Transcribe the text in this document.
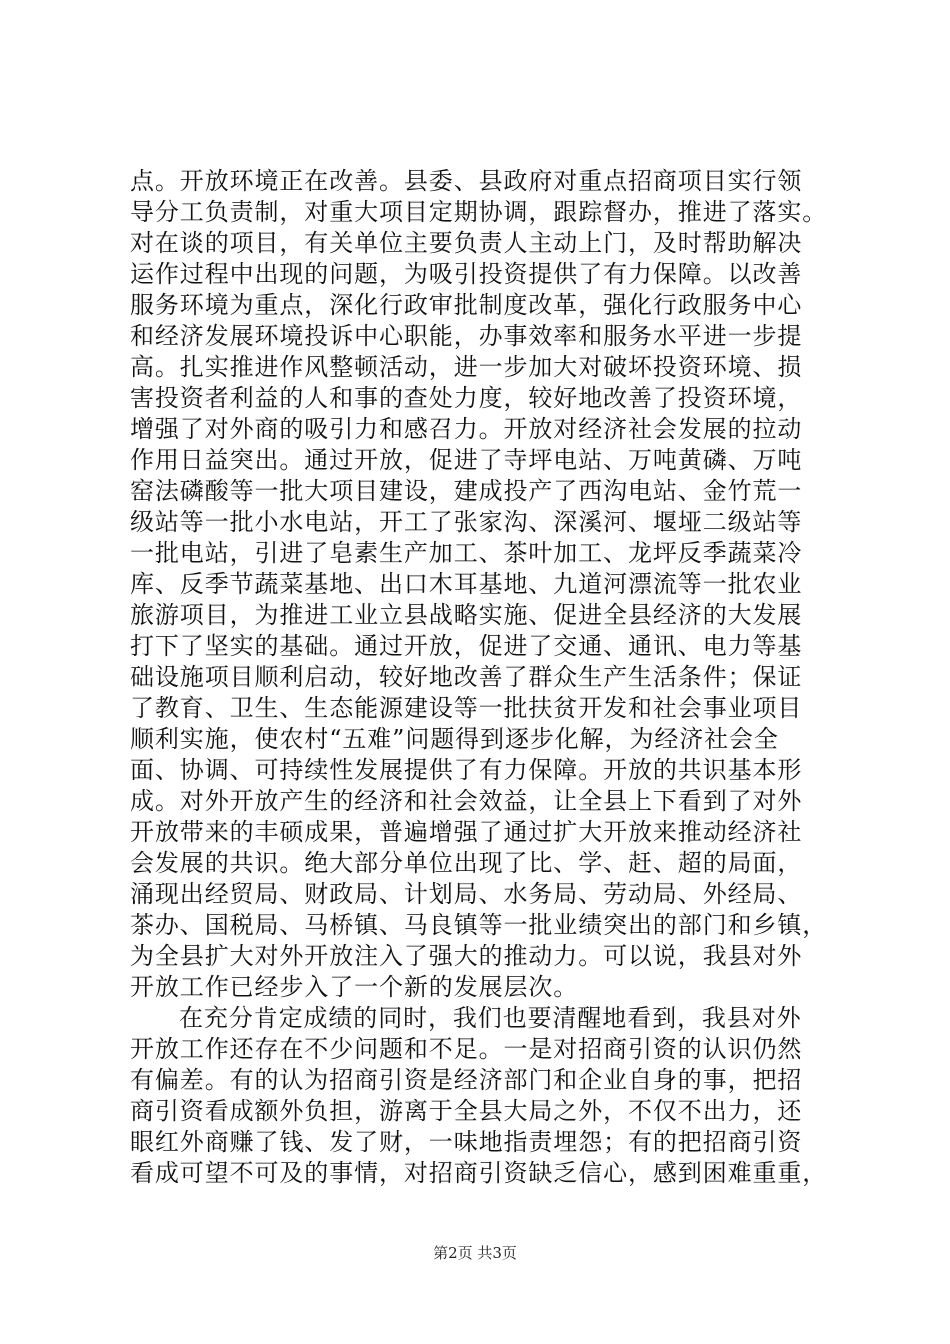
点。开放环境正在改善。县委、县政府对重点招商项目实行领
导分工负责制，对重大项目定期协调，跟踪督办，推进了落实。
对在谈的项目，有关单位主要负责人主动上门，及时帮助解决
运作过程中出现的问题，为吸引投资提供了有力保障。以改善
服务环境为重点，深化行政审批制度改革，强化行政服务中心
和经济发展环境投诉中心职能，办事效率和服务水平进一步提
高。扎实推进作风整顿活动，进一步加大对破坏投资环境、损
害投资者利益的人和事的查处力度，较好地改善了投资环境，
增强了对外商的吸引力和感召力。开放对经济社会发展的拉动
作用日益突出。通过开放，促进了寺坪电站、万吨黄磷、万吨
窑法磷酸等一批大项目建设，建成投产了西沟电站、金竹荒一
级站等一批小水电站，开工了张家沟、深溪河、堰垭二级站等
一批电站，引进了皂素生产加工、茶叶加工、龙坪反季蔬菜冷
库、反季节蔬菜基地、出口木耳基地、九道河漂流等一批农业
旅游项目，为推进工业立县战略实施、促进全县经济的大发展
打下了坚实的基础。通过开放，促进了交通、通讯、电力等基
础设施项目顺利启动，较好地改善了群众生产生活条件；保证
了教育、卫生、生态能源建设等一批扶贫开发和社会事业项目
顺利实施，使农村“五难”问题得到逐步化解，为经济社会全
面、协调、可持续性发展提供了有力保障。开放的共识基本形
成。对外开放产生的经济和社会效益，让全县上下看到了对外
开放带来的丰硕成果，普遍增强了通过扩大开放来推动经济社
会发展的共识。绝大部分单位出现了比、学、赶、超的局面，
涌现出经贸局、财政局、计划局、水务局、劳动局、外经局、
茶办、国税局、马桥镇、马良镇等一批业绩突出的部门和乡镇，
为全县扩大对外开放注入了强大的推动力。可以说，我县对外
开放工作已经步入了一个新的发展层次。
在充分肯定成绩的同时，我们也要清醒地看到，我县对外
开放工作还存在不少问题和不足。一是对招商引资的认识仍然
有偏差。有的认为招商引资是经济部门和企业自身的事，把招
商引资看成额外负担，游离于全县大局之外，不仅不出力，还
眼红外商赚了钱、发了财，一味地指责埋怨；有的把招商引资
看成可望不可及的事情，对招商引资缺乏信心，感到困难重重，
第2页 共3页
